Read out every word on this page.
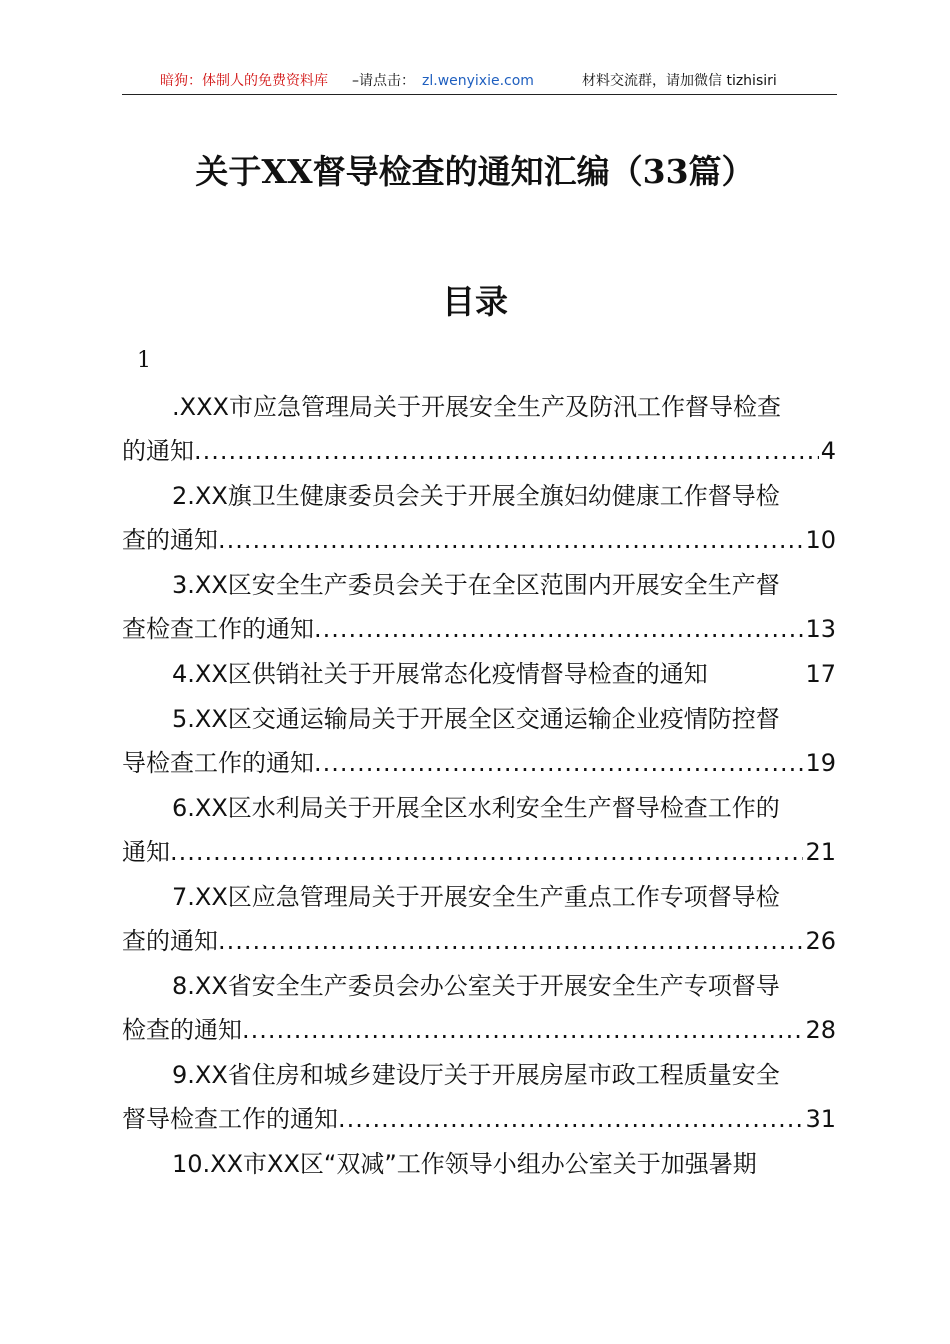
暗狗：体制人的免费资料库 –请点击： zl.wenyixie.com	材料交流群，请加微信 tizhisiri
关于XX督导检查的通知汇编（33篇）
目录
1
.XXX市应急管理局关于开展安全生产及防汛工作督导检查
的通知 .....	4
2.XX旗卫生健康委员会关于开展全旗妇幼健康工作督导检
查的通知 .....	10
3.XX区安全生产委员会关于在全区范围内开展安全生产督
查检查工作的通知 .....	13
4.XX区供销社关于开展常态化疫情督导检查的通知	17
5.XX区交通运输局关于开展全区交通运输企业疫情防控督
导检查工作的通知 .....	19
6.XX区水利局关于开展全区水利安全生产督导检查工作的
通知 .....	21
7.XX区应急管理局关于开展安全生产重点工作专项督导检
查的通知 .....	26
8.XX省安全生产委员会办公室关于开展安全生产专项督导
检查的通知 .....	28
9.XX省住房和城乡建设厅关于开展房屋市政工程质量安全
督导检查工作的通知 .....	31
10.XX市XX区“双减”工作领导小组办公室关于加强暑期
